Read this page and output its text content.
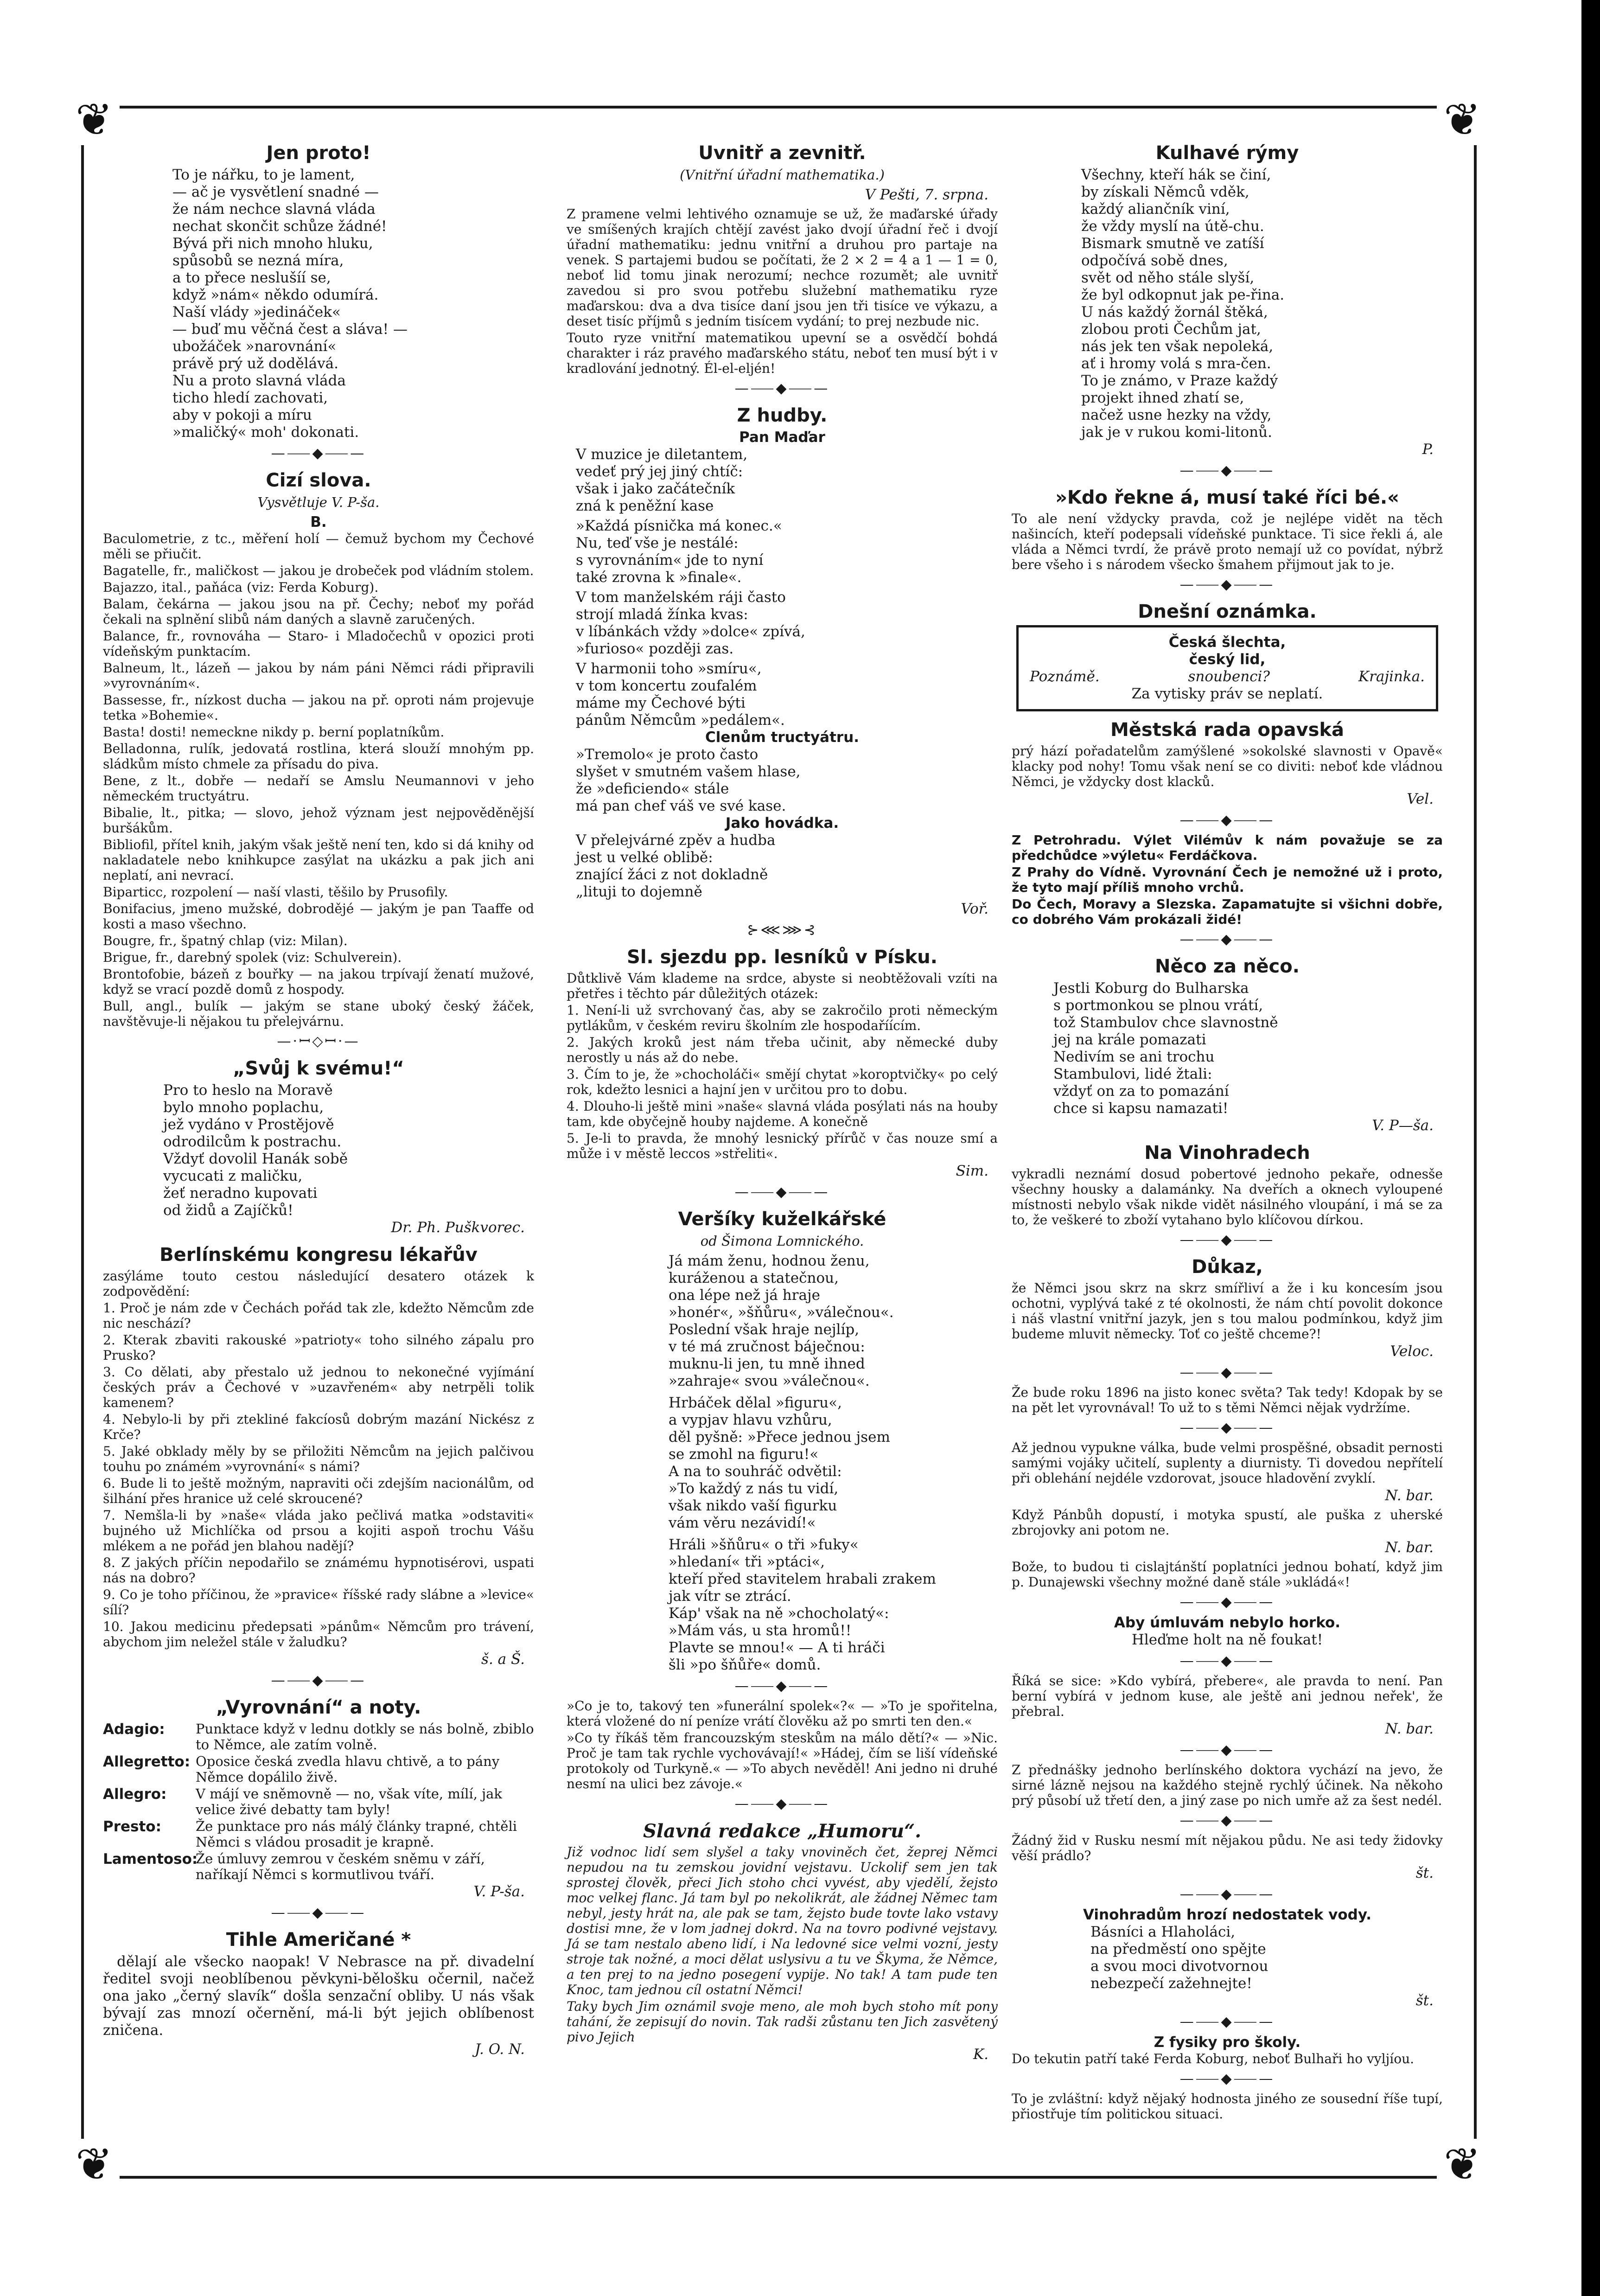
❦	❦
❦	❦
Jen proto!
To je nářku, to je lament,
— ač je vysvětlení snadné —
že nám nechce slavná vláda
nechat skončit schůze žádné!
Bývá při nich mnoho hluku,
spůsobů se nezná míra,
a to přece neslušíí se,
když »nám« někdo odumírá.
Naší vlády »jedináček«
— buď mu věčná čest a sláva! —
ubožáček »narovnání«
právě prý už dodělává.
Nu a proto slavná vláda
ticho hledí zachovati,
aby v pokoji a míru
»maličký« moh' dokonati.
—⸺◆⸺—
Cizí slova.
Vysvětluje V. P-ša.
B.
Baculometrie, z tc., měření holí — čemuž bychom my Čechové měli se přiučit.
Bagatelle, fr., maličkost — jakou je drobeček pod vládním stolem.
Bajazzo, ital., paňáca (viz: Ferda Koburg).
Balam, čekárna — jakou jsou na př. Čechy; neboť my pořád čekali na splnění slibů nám daných a slavně zaručených.
Balance, fr., rovnováha — Staro- i Mladočechů v opozici proti vídeňským punktacím.
Balneum, lt., lázeň — jakou by nám páni Němci rádi připravili »vyrovnáním«.
Bassesse, fr., nízkost ducha — jakou na př. oproti nám projevuje tetka »Bohemie«.
Basta! dosti! nemeckne nikdy p. berní poplatníkům.
Belladonna, rulík, jedovatá rostlina, která slouží mnohým pp. sládkům místo chmele za přísadu do piva.
Bene, z lt., dobře — nedaří se Amslu Neumannovi v jeho německém tructyátru.
Bibalie, lt., pitka; — slovo, jehož význam jest nejpověděnější buršákům.
Bibliofil, přítel knih, jakým však ještě není ten, kdo si dá knihy od nakladatele nebo knihkupce zasýlat na ukázku a pak jich ani neplatí, ani nevrací.
Biparticc, rozpolení — naší vlasti, těšilo by Prusofily.
Bonifacius, jmeno mužské, dobrodějé — jakým je pan Taaffe od kosti a maso všechno.
Bougre, fr., špatný chlap (viz: Milan).
Brigue, fr., darebný spolek (viz: Schulverein).
Brontofobie, bázeň z bouřky — na jakou trpívají ženatí mužové, když se vrací pozdě domů z hospody.
Bull, angl., bulík — jakým se stane uboký český žáček, navštěvuje-li nějakou tu přelejvárnu.
—·ꟷ◇ꟷ·—
„Svůj k svému!“
Pro to heslo na Moravě
bylo mnoho poplachu,
jež vydáno v Prostějově
odrodilcům k postrachu.
Vždyť dovolil Hanák sobě
vycucati z maličku,
žeť neradno kupovati
od židů a Zajíčků!
Dr. Ph. Puškvorec.
Berlínskému kongresu lékařův
zasýláme touto cestou následující desatero otázek k zodpovědění:
1. Proč je nám zde v Čechách pořád tak zle, kdežto Němcům zde nic neschází?
2. Kterak zbaviti rakouské »patrioty« toho silného zápalu pro Prusko?
3. Co dělati, aby přestalo už jednou to nekonečné vyjímání českých práv a Čechové v »uzavřeném« aby netrpěli tolik kamenem?
4. Nebylo-li by při ztekliné fakcíosů dobrým mazání Nickész z Krče?
5. Jaké obklady měly by se přiložiti Němcům na jejich palčivou touhu po známém »vyrovnání« s námi?
6. Bude li to ještě možným, napraviti oči zdejším nacionálům, od šilhání přes hranice už celé skroucené?
7. Nemšla-li by »naše« vláda jako pečlivá matka »odstaviti« bujného už Michlíčka od prsou a kojiti aspoň trochu Vášu mlékem a ne pořád jen blahou nadějí?
8. Z jakých příčin nepodařilo se známému hypnotisérovi, uspati nás na dobro?
9. Co je toho příčinou, že »pravice« říšské rady slábne a »levice« sílí?
10. Jakou medicinu předepsati »pánům« Němcům pro trávení, abychom jim neležel stále v žaludku?
š. a Š.
—⸺◆⸺—
„Vyrovnání“ a noty.
Adagio:	Punktace když v lednu dotkly se nás bolně, zbiblo to Němce, ale zatím volně.
Allegretto: Oposice česká zvedla hlavu chtivě, a to pány Němce dopálilo živě.
Allegro:	V májí ve sněmovně — no, však víte, mílí, jak velice živé debatty tam byly!
Presto:	Že punktace pro nás málý články trapné, chtěli Němci s vládou prosadit je krapně.
Lamentoso:
Že úmluvy zemrou v českém sněmu v září, naříkají Němci s kormutlivou tváří.
V. P-ša.
—⸺◆⸺—
Tihle Američané *
dělají ale všecko naopak! V Nebrasce na př. divadelní ředitel svoji neoblíbenou pěvkyni-bělošku očernil, načež ona jako „černý slavík“ došla senzační obliby. U nás však bývají zas mnozí očernění, má-li být jejich oblíbenost zničena.
J. O. N.
Uvnitř a zevnitř.
(Vnitřní úřadní mathematika.)
V Pešti, 7. srpna.
Z pramene velmi lehtivého oznamuje se už, že maďarské úřady ve smíšených krajích chtějí zavést jako dvojí úřadní řeč i dvojí úřadní mathematiku: jednu vnitřní a druhou pro partaje na venek. S partajemi budou se počítati, že 2 × 2 = 4 a 1 — 1 = 0, neboť lid tomu jinak nerozumí; nechce rozumět; ale uvnitř zavedou si pro svou potřebu služební mathematiku ryze maďarskou: dva a dva tisíce daní jsou jen tři tisíce ve výkazu, a deset tisíc příjmů s jedním tisícem vydání; to prej nezbude nic.
Touto ryze vnitřní matematikou upevní se a osvědčí bohdá charakter i ráz pravého maďarského státu, neboť ten musí být i v kradlování jednotný. Él-el-eljén!
—⸺◆⸺—
Z hudby.
Pan Maďar
V muzice je diletantem,
vedeť prý jej jiný chtíč:
však i jako začátečník
zná k peněžní kase
»Každá písnička má konec.«
Nu, teď vše je nestálé:
s vyrovnáním« jde to nyní
také zrovna k »finale«.
V tom manželském ráji často
strojí mladá žínka kvas:
v líbánkách vždy »dolce« zpívá,
»furioso« později zas.
V harmonii toho »smíru«,
v tom koncertu zoufalém
máme my Čechové býti
pánům Němcům »pedálem«.
Clenům tructyátru.
»Tremolo« je proto často
slyšet v smutném vašem hlase,
že »deficiendo« stále
má pan chef váš ve své kase.
Jako hovádka.
V přelejvárné zpěv a hudba
jest u velké oblibě:
znající žáci z not dokladně
„lituji to dojemně
Voř.
⊱⋘⋙⊰
Sl. sjezdu pp. lesníků v Písku.
Důtklivě Vám klademe na srdce, abyste si neobtěžovali vzíti na přetřes i těchto pár důležitých otázek:
1. Není-li už svrchovaný čas, aby se zakročilo proti německým pytlákům, v českém reviru školním zle hospodaříícím.
2. Jakých kroků jest nám třeba učinit, aby německé duby nerostly u nás až do nebe.
3. Čím to je, že »chocholáči« smějí chytat »koroptvičky« po celý rok, kdežto lesnici a hajní jen v určitou pro to dobu.
4. Dlouho-li ještě mini »naše« slavná vláda posýlati nás na houby tam, kde obyčejně houby najdeme. A konečně
5. Je-li to pravda, že mnohý lesnický přírůč v čas nouze smí a může i v městě leccos »střeliti«.
Sim.
—⸺◆⸺—
Veršíky kuželkářské
od Šimona Lomnického.
Já mám ženu, hodnou ženu,
kuráženou a statečnou,
ona lépe než já hraje
»honér«, »šňůru«, »válečnou«.
Poslední však hraje nejlíp,
v té má zručnost báječnou:
muknu-li jen, tu mně ihned
»zahraje« svou »válečnou«.
Hrbáček dělal »figuru«,
a vypjav hlavu vzhůru,
děl pyšně: »Přece jednou jsem
se zmohl na figuru!«
A na to souhráč odvětil:
»To každý z nás tu vidí,
však nikdo vaší figurku
vám věru nezávidí!«
Hráli »šňůru« o tři »fuky«
»hledaní« tři »ptáci«,
kteří před stavitelem hrabali zrakem
jak vítr se ztrácí.
Káp' však na ně »chocholatý«:
»Mám vás, u sta hromů!!
Plavte se mnou!« — A ti hráči
šli »po šňůře« domů.
—⸺◆⸺—
»Co je to, takový ten »funerální spolek«?« — »To je spořitelna, která vložené do ní peníze vrátí člověku až po smrti ten den.«
»Co ty říkáš těm francouzským steskům na málo dětí?« — »Nic. Proč je tam tak rychle vychovávají!« »Hádej, čím se liší vídeňské protokoly od Turkyně.« — »To abych nevěděl! Ani jedno ni druhé nesmí na ulici bez závoje.«
—⸺◆⸺—
Slavná redakce „Humoru“.
Již vodnoc lidí sem slyšel a taky vnoviněch čet, žeprej Němci nepudou na tu zemskou jovidní vejstavu. Uckolif sem jen tak sprostej člověk, přeci Jich stoho chci vyvést, aby vjedělí, žejsto moc velkej flanc. Já tam byl po nekolikrát, ale žádnej Němec tam nebyl, jesty hrát na, ale pak se tam, žejsto bude tovte lako vstavy dostisi mne, že v lom jadnej dokrd. Na na tovro podivné vejstavy. Já se tam nestalo abeno lidí, i Na ledovné sice velmi vozní, jesty stroje tak nožné, a moci dělat uslysivu a tu ve Škyma, že Němce, a ten prej to na jedno posegení vypije. No tak! A tam pude ten Knoc, tam jednou cíl ostatní Němci!
Taky bych Jim oznámil svoje meno, ale moh bych stoho mít pony tahání, že zepisují do novin. Tak radši zůstanu ten Jich zasvětený pivo Jejich
K.
Kulhavé rýmy
Všechny, kteří hák se činí,
by získali Němců vděk,
každý aliančník viní,
že vždy myslí na útě-chu.
Bismark smutně ve zatíší
odpočívá sobě dnes,
svět od něho stále slyší,
že byl odkopnut jak pe-řina.
U nás každý žornál štěká,
zlobou proti Čechům jat,
nás jek ten však nepoleká,
ať i hromy volá s mra-čen.
To je známo, v Praze každý
projekt ihned zhatí se,
načež usne hezky na vždy,
jak je v rukou komi-litonů.
P.
—⸺◆⸺—
»Kdo řekne á, musí také říci bé.«
To ale není vždycky pravda, což je nejlépe vidět na těch našincích, kteří podepsali vídeňské punktace. Ti sice řekli á, ale vláda a Němci tvrdí, že právě proto nemají už co povídat, nýbrž bere všeho i s národem všecko šmahem přijmout jak to je.
—⸺◆⸺—
Dnešní oznámka.
Česká šlechta,
český lid,
Poznámě.	snoubenci?	Krajinka.
Za vytisky práv se neplatí.
Městská rada opavská
prý hází pořadatelům zamýšlené »sokolské slavnosti v Opavě« klacky pod nohy! Tomu však není se co diviti: neboť kde vládnou Němci, je vždycky dost klacků.
Vel.
—⸺◆⸺—
Z Petrohradu. Výlet Vilémův k nám považuje se za předchůdce »výletu« Ferdáčkova.
Z Prahy do Vídně. Vyrovnání Čech je nemožné už i proto, že tyto mají příliš mnoho vrchů.
Do Čech, Moravy a Slezska. Zapamatujte si všichni dobře, co dobrého Vám prokázali židé!
—⸺◆⸺—
Něco za něco.
Jestli Koburg do Bulharska
s portmonkou se plnou vrátí,
tož Stambulov chce slavnostně
jej na krále pomazati
Nedivím se ani trochu
Stambulovi, lidé žtali:
vždyť on za to pomazání
chce si kapsu namazati!
V. P—ša.
Na Vinohradech
vykradli neznámí dosud pobertové jednoho pekaře, odnesše všechny housky a dalamánky. Na dveřích a oknech vyloupené místnosti nebylo však nikde vidět násilného vloupání, i má se za to, že veškeré to zboží vytahano bylo klíčovou dírkou.
—⸺◆⸺—
Důkaz,
že Němci jsou skrz na skrz smířliví a že i ku koncesím jsou ochotni, vyplývá také z té okolnosti, že nám chtí povolit dokonce i náš vlastní vnitřní jazyk, jen s tou malou podmínkou, když jim budeme mluvit německy. Toť co ještě chceme?!
Veloc.
—⸺◆⸺—
Že bude roku 1896 na jisto konec světa? Tak tedy! Kdopak by se na pět let vyrovnával! To už to s těmi Němci nějak vydržíme.
—⸺◆⸺—
Až jednou vypukne válka, bude velmi prospěšné, obsadit pernosti samými vojáky učitelí, suplenty a diurnisty. Ti dovedou nepřítelí při oblehání nejdéle vzdorovat, jsouce hladovění zvyklí.
N. bar.
Když Pánbůh dopustí, i motyka spustí, ale puška z uherské zbrojovky ani potom ne.
N. bar.
Bože, to budou ti cislajtánští poplatníci jednou bohatí, když jim p. Dunajewski všechny možné daně stále »ukládá«!
—⸺◆⸺—
Aby úmluvám nebylo horko.
Hleďme holt na ně foukat!
—⸺◆⸺—
Říká se sice: »Kdo vybírá, přebere«, ale pravda to není. Pan berní vybírá v jednom kuse, ale ještě ani jednou neřek', že přebral.
N. bar.
—⸺◆⸺—
Z přednášky jednoho berlínského doktora vychází na jevo, že sirné lázně nejsou na každého stejně rychlý účinek. Na někoho prý působí už třetí den, a jiný zase po nich umře až za šest nedél.
—⸺◆⸺—
Žádný žid v Rusku nesmí mít nějakou půdu. Ne asi tedy židovky věší prádlo?
št.
—⸺◆⸺—
Vinohradům hrozí nedostatek vody.
Básníci a Hlaholáci,
na předměstí ono spějte
a svou moci divotvornou
nebezpečí zažehnejte!
št.
—⸺◆⸺—
Z fysiky pro školy.
Do tekutin patří také Ferda Koburg, neboť Bulhaři ho vyljíou.
—⸺◆⸺—
To je zvláštní: když nějaký hodnosta jiného ze sousední říše tupí, přiostřuje tím politickou situaci.
